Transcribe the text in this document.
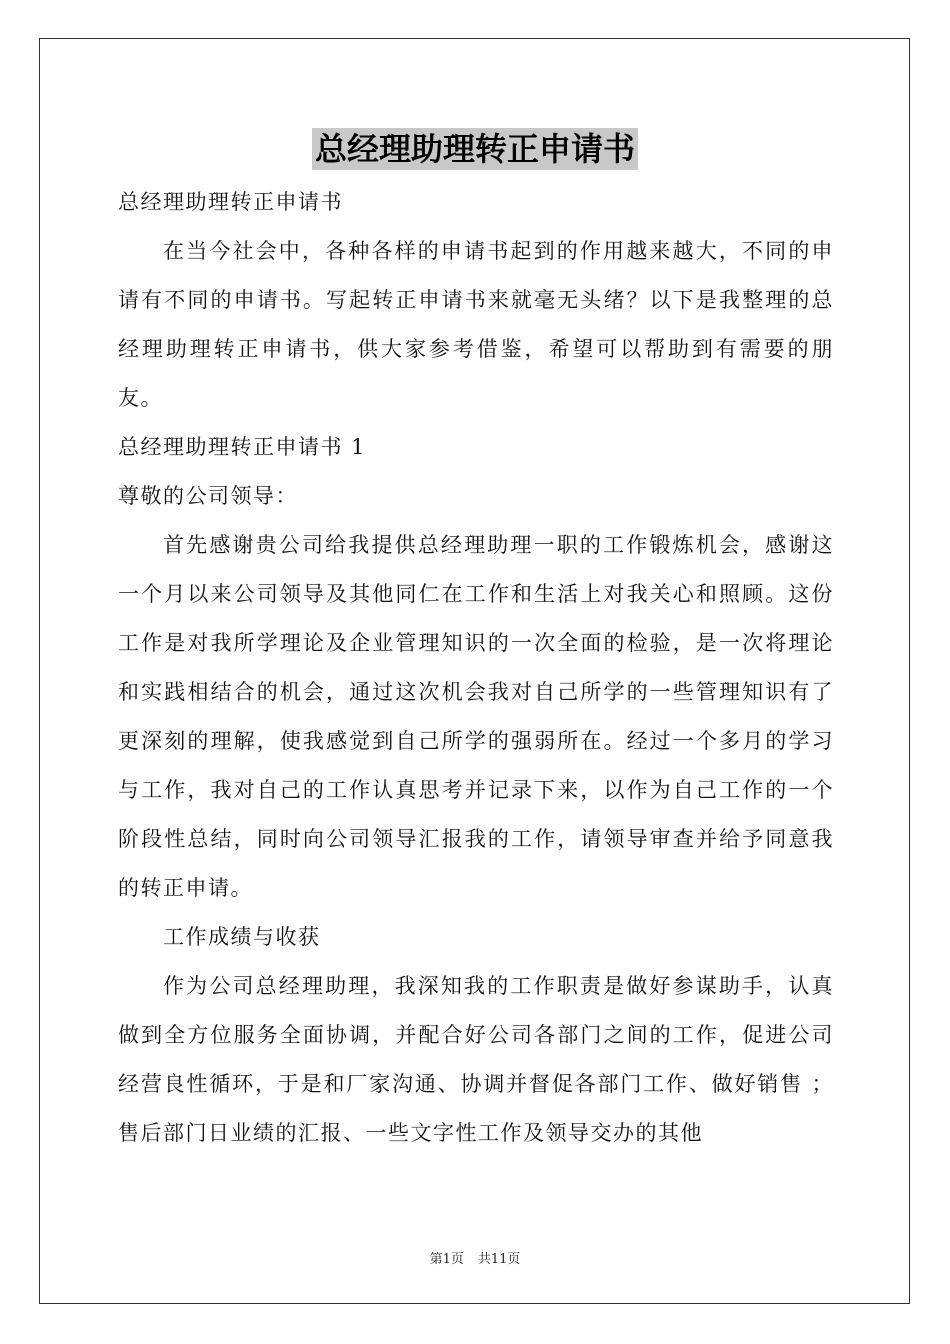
总经理助理转正申请书

总经理助理转正申请书

在当今社会中，各种各样的申请书起到的作用越来越大，不同的申请有不同的申请书。写起转正申请书来就毫无头绪？以下是我整理的总经理助理转正申请书，供大家参考借鉴，希望可以帮助到有需要的朋友。

总经理助理转正申请书 1

尊敬的公司领导：

首先感谢贵公司给我提供总经理助理一职的工作锻炼机会，感谢这一个月以来公司领导及其他同仁在工作和生活上对我关心和照顾。这份工作是对我所学理论及企业管理知识的一次全面的检验，是一次将理论和实践相结合的机会，通过这次机会我对自己所学的一些管理知识有了更深刻的理解，使我感觉到自己所学的强弱所在。经过一个多月的学习与工作，我对自己的工作认真思考并记录下来，以作为自己工作的一个阶段性总结，同时向公司领导汇报我的工作，请领导审查并给予同意我的转正申请。

工作成绩与收获

作为公司总经理助理，我深知我的工作职责是做好参谋助手，认真做到全方位服务全面协调，并配合好公司各部门之间的工作，促进公司经营良性循环，于是和厂家沟通、协调并督促各部门工作、做好销售 ；售后部门日业绩的汇报、一些文字性工作及领导交办的其他

第1页 共11页
